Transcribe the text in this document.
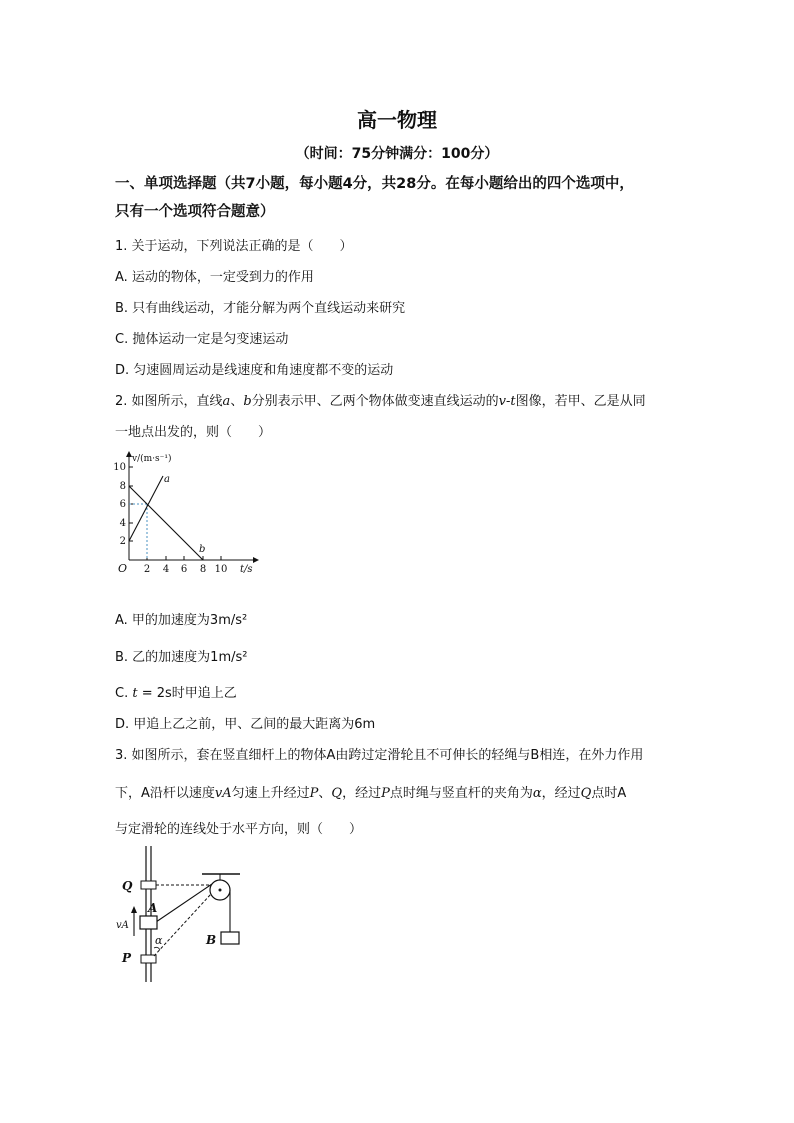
高一物理
（时间：75分钟满分：100分）
一、单项选择题（共7小题，每小题4分，共28分。在每小题给出的四个选项中，
只有一个选项符合题意）
1. 关于运动，下列说法正确的是（　　）
A. 运动的物体，一定受到力的作用
B. 只有曲线运动，才能分解为两个直线运动来研究
C. 抛体运动一定是匀变速运动
D. 匀速圆周运动是线速度和角速度都不变的运动
2. 如图所示，直线a、b分别表示甲、乙两个物体做变速直线运动的v-t图像，若甲、乙是从同
一地点出发的，则（　　）
10
8
6
4
2
2 4 6 8 10
O
v/(m·s⁻¹)
t/s
a
b
A. 甲的加速度为3m/s²
B. 乙的加速度为1m/s²
C. t = 2s时甲追上乙
D. 甲追上乙之前，甲、乙间的最大距离为6m
3. 如图所示，套在竖直细杆上的物体A由跨过定滑轮且不可伸长的轻绳与B相连，在外力作用
下，A沿杆以速度vA匀速上升经过P、Q，经过P点时绳与竖直杆的夹角为α，经过Q点时A
与定滑轮的连线处于水平方向，则（　　）
Q
A
P
B
vA
α
